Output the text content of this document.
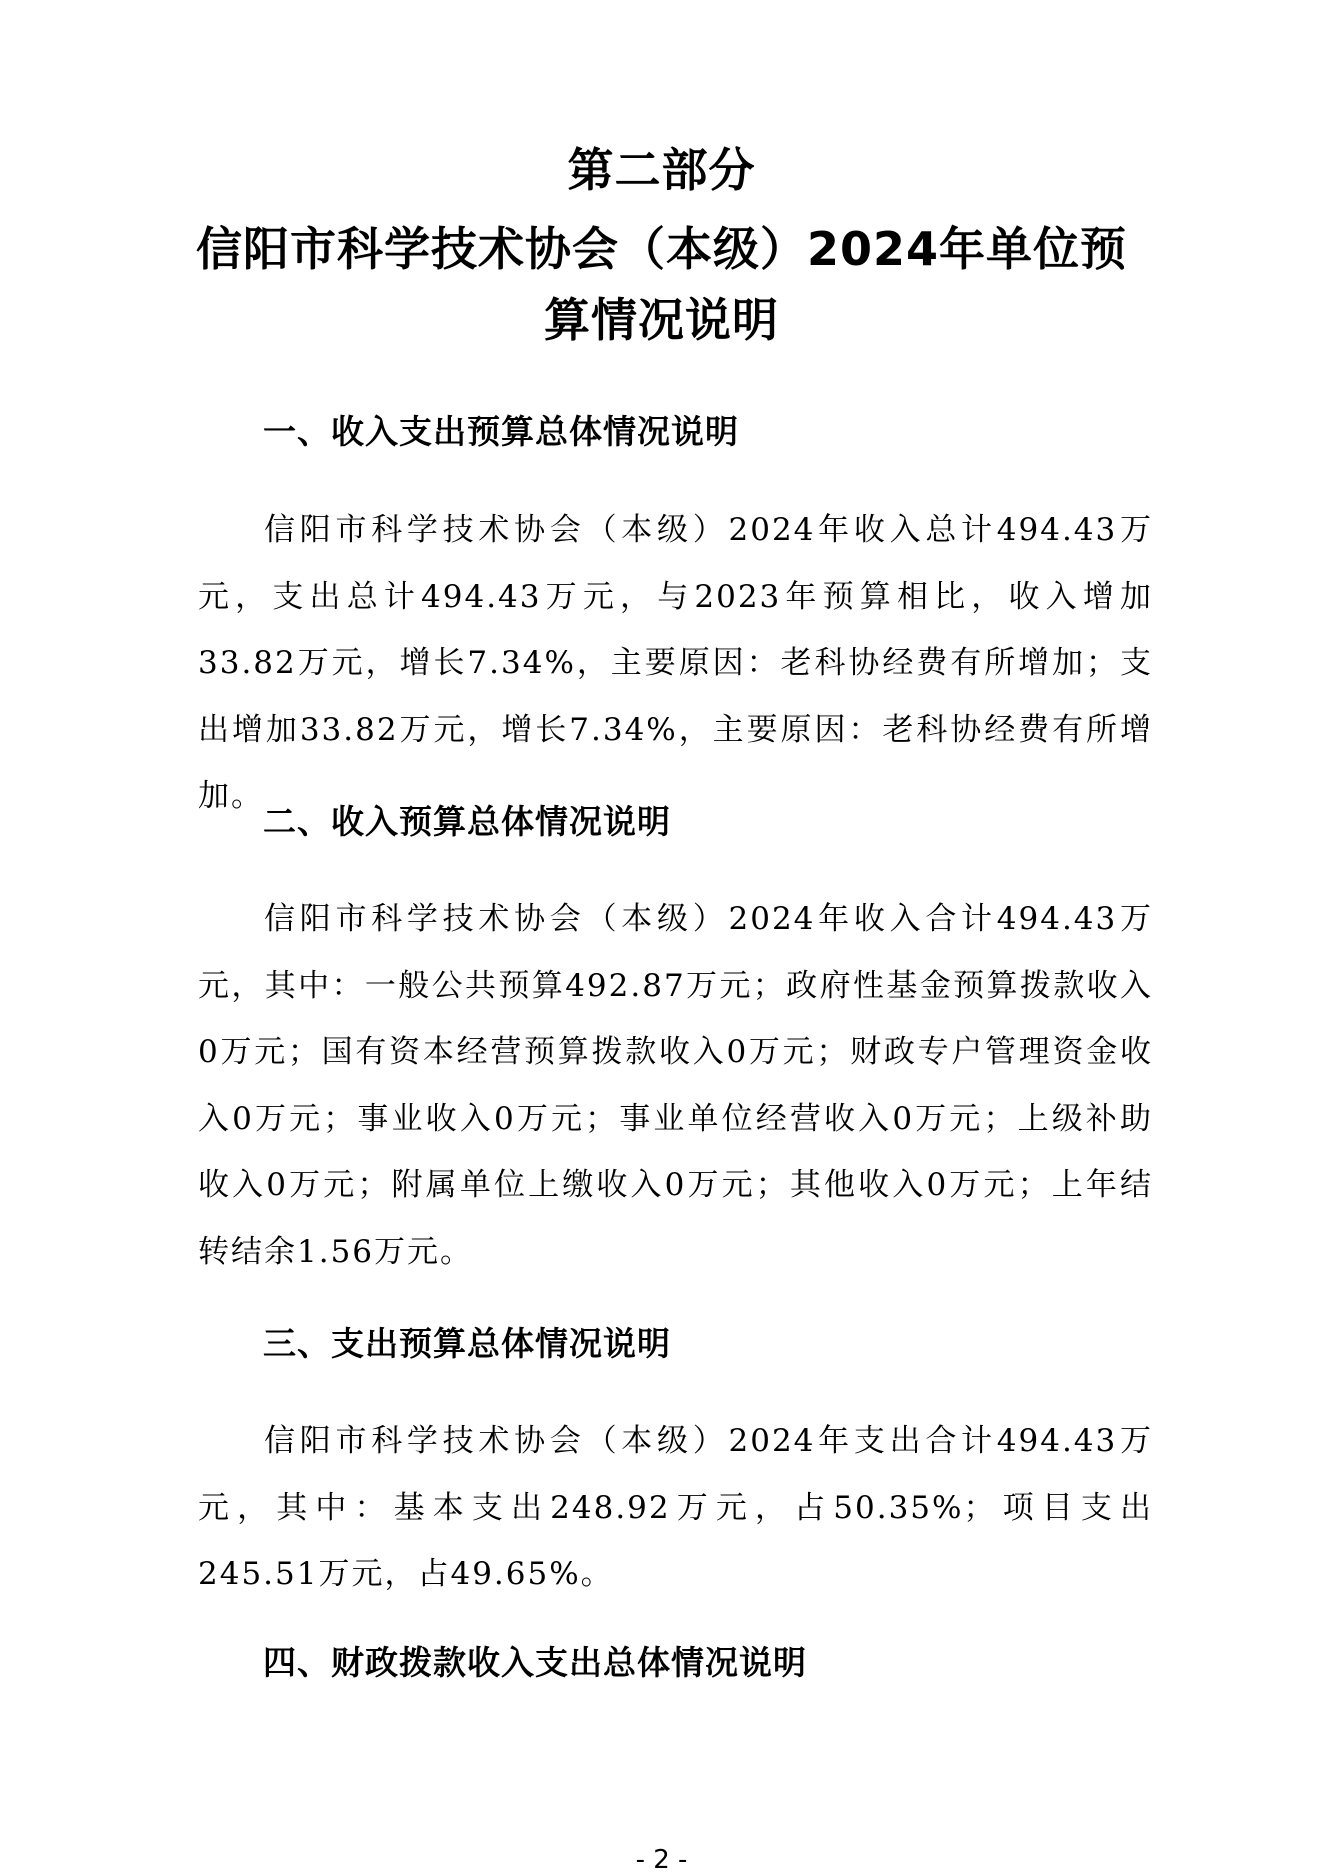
第二部分
信阳市科学技术协会（本级）2024年单位预
算情况说明
一、收入支出预算总体情况说明
信阳市科学技术协会（本级）2024年收入总计494.43万元，支出总计494.43万元，与2023年预算相比，收入增加33.82万元，增长7.34%，主要原因：老科协经费有所增加；支出增加33.82万元，增长7.34%，主要原因：老科协经费有所增加。
二、收入预算总体情况说明
信阳市科学技术协会（本级）2024年收入合计494.43万元，其中：一般公共预算492.87万元；政府性基金预算拨款收入0万元；国有资本经营预算拨款收入0万元；财政专户管理资金收入0万元；事业收入0万元；事业单位经营收入0万元；上级补助收入0万元；附属单位上缴收入0万元；其他收入0万元；上年结转结余1.56万元。
三、支出预算总体情况说明
信阳市科学技术协会（本级）2024年支出合计494.43万元，其中：基本支出248.92万元，占50.35%；项目支出245.51万元，占49.65%。
四、财政拨款收入支出总体情况说明
- 2 -
